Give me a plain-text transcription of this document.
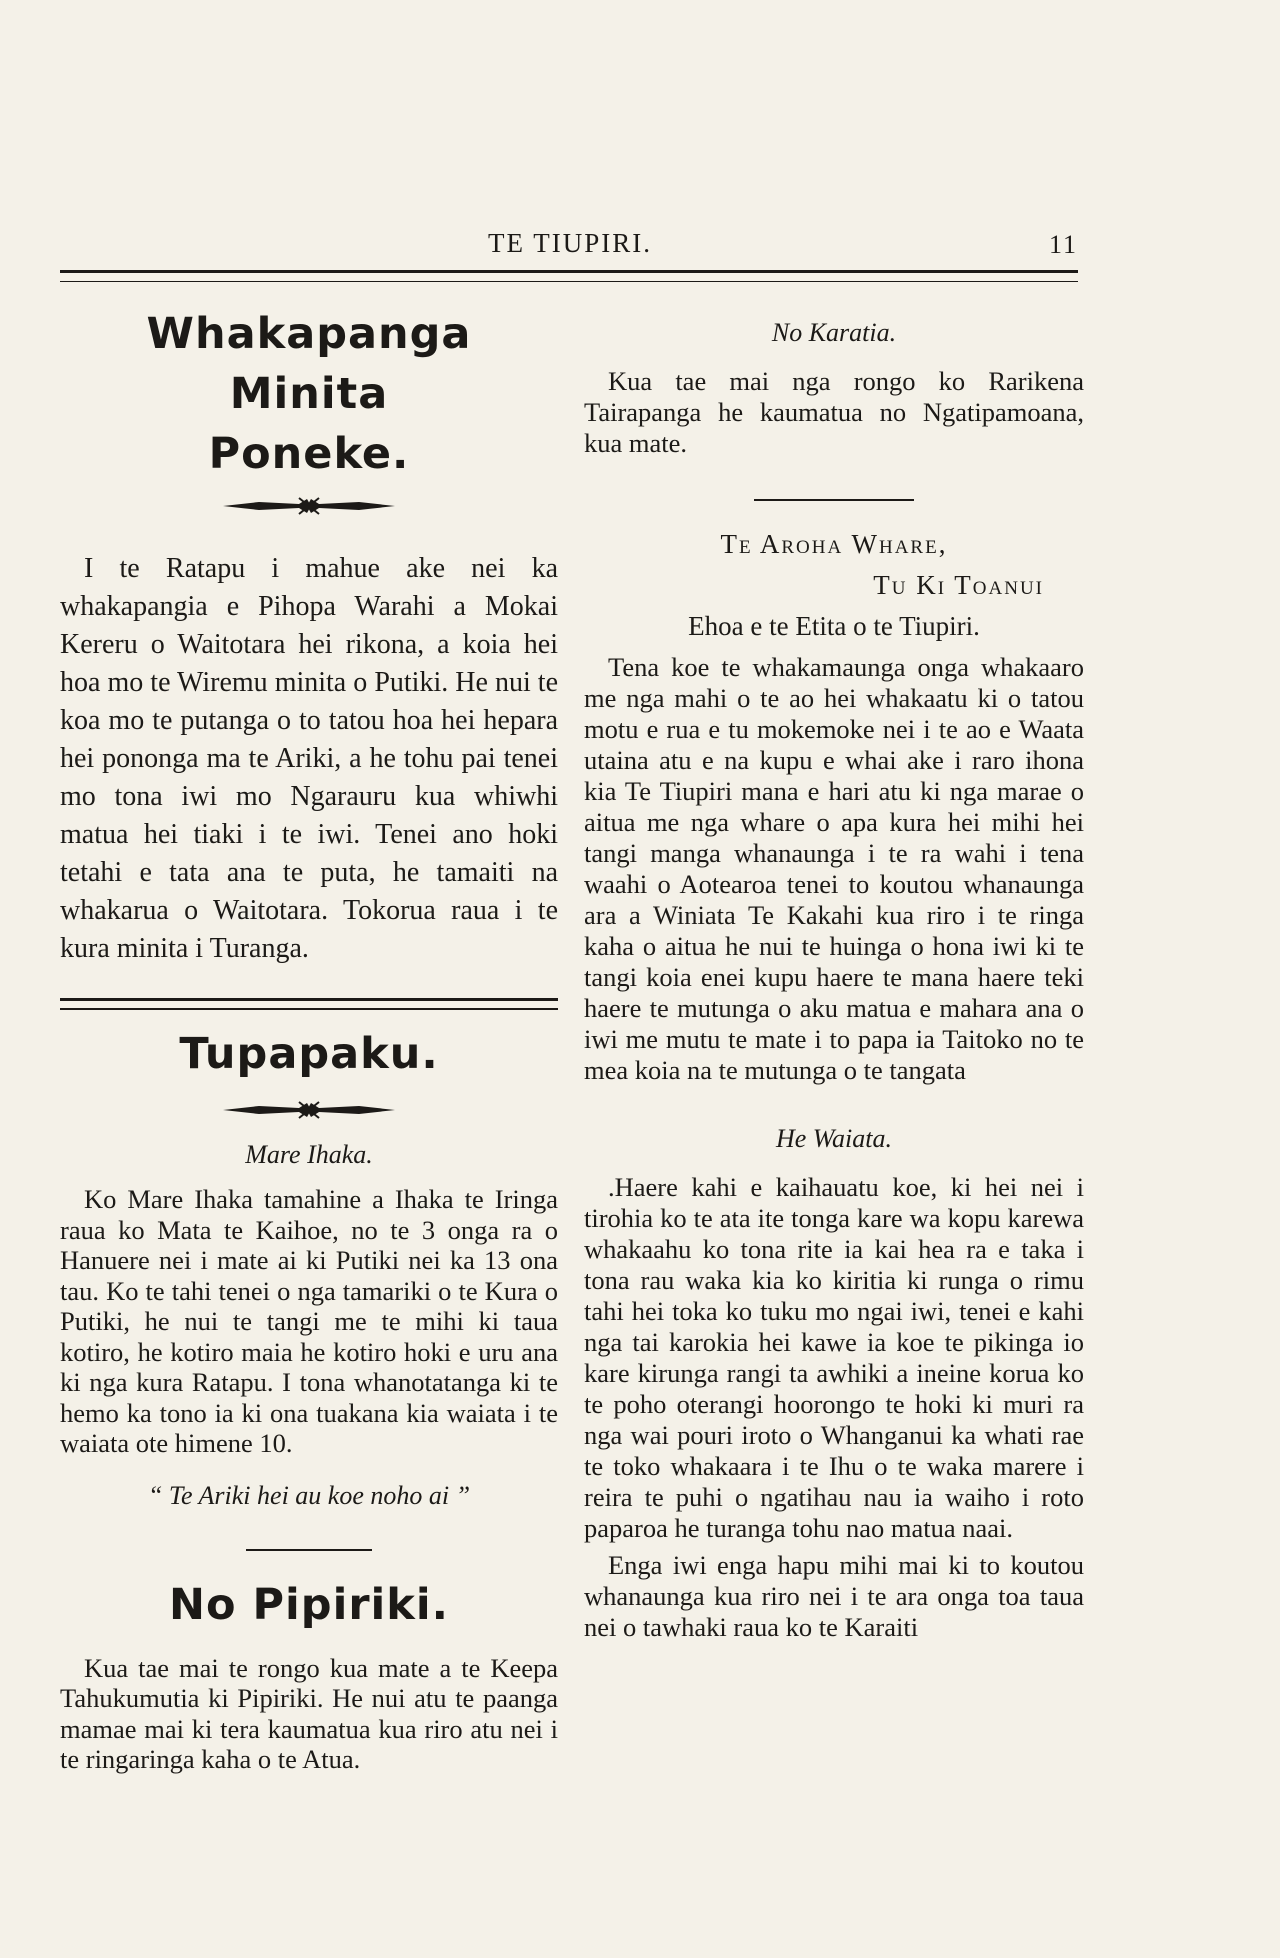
TE TIUPIRI.	11
Whakapanga Minita
Poneke.

I te Ratapu i mahue ake nei ka whakapangia e Pihopa Warahi a Mokai Kereru o Waitotara hei rikona, a koia hei hoa mo te Wiremu minita o Putiki. He nui te koa mo te putanga o to tatou hoa hei hepara hei pononga ma te Ariki, a he tohu pai tenei mo tona iwi mo Ngarauru kua whiwhi matua hei tiaki i te iwi. Tenei ano hoki tetahi e tata ana te puta, he tamaiti na whakarua o Waitotara. Tokorua raua i te kura minita i Turanga.

Tupapaku.

Mare Ihaka.

Ko Mare Ihaka tamahine a Ihaka te Iringa raua ko Mata te Kaihoe, no te 3 onga ra o Hanuere nei i mate ai ki Putiki nei ka 13 ona tau. Ko te tahi tenei o nga tamariki o te Kura o Putiki, he nui te tangi me te mihi ki taua kotiro, he kotiro maia he kotiro hoki e uru ana ki nga kura Ratapu. I tona whanotatanga ki te hemo ka tono ia ki ona tuakana kia waiata i te waiata ote himene 10.

“ Te Ariki hei au koe noho ai ”

No Pipiriki.

Kua tae mai te rongo kua mate a te Keepa Tahukumutia ki Pipiriki. He nui atu te paanga mamae mai ki tera kaumatua kua riro atu nei i te ringaringa kaha o te Atua.

No Karatia.

Kua tae mai nga rongo ko Rarikena Tairapanga he kaumatua no Ngatipamoana, kua mate.

Te Aroha Whare,

Tu Ki Toanui

Ehoa e te Etita o te Tiupiri.

Tena koe te whakamaunga onga whakaaro me nga mahi o te ao hei whakaatu ki o tatou motu e rua e tu mokemoke nei i te ao e Waata utaina atu e na kupu e whai ake i raro ihona kia Te Tiupiri mana e hari atu ki nga marae o aitua me nga whare o apa kura hei mihi hei tangi manga whanaunga i te ra wahi i tena waahi o Aotearoa tenei to koutou whanaunga ara a Winiata Te Kakahi kua riro i te ringa kaha o aitua he nui te huinga o hona iwi ki te tangi koia enei kupu haere te mana haere teki haere te mutunga o aku matua e mahara ana o iwi me mutu te mate i to papa ia Taitoko no te mea koia na te mutunga o te tangata

He Waiata.

.Haere kahi e kaihauatu koe, ki hei nei i tirohia ko te ata ite tonga kare wa kopu karewa whakaahu ko tona rite ia kai hea ra e taka i tona rau waka kia ko kiritia ki runga o rimu tahi hei toka ko tuku mo ngai iwi, tenei e kahi nga tai karokia hei kawe ia koe te pikinga io kare kirunga rangi ta awhiki a ineine korua ko te poho oterangi hoorongo te hoki ki muri ra nga wai pouri iroto o Whanganui ka whati rae te toko whakaara i te Ihu o te waka marere i reira te puhi o ngatihau nau ia waiho i roto paparoa he turanga tohu nao matua naai.

Enga iwi enga hapu mihi mai ki to koutou whanaunga kua riro nei i te ara onga toa taua nei o tawhaki raua ko te Karaiti
